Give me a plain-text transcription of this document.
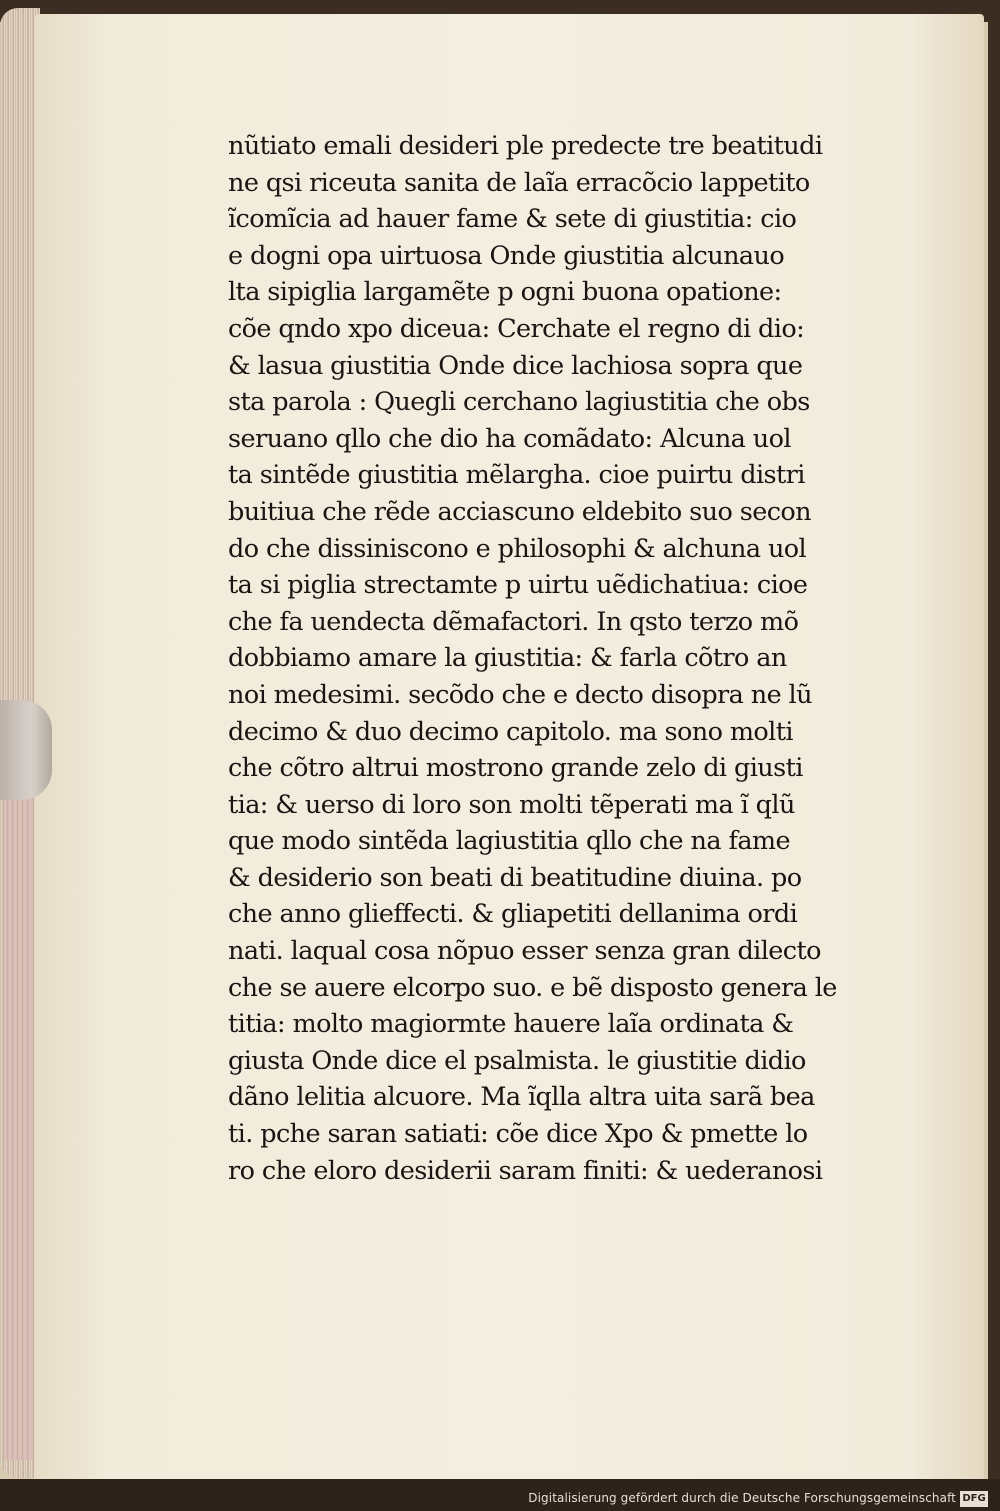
nũtiato emali desideri ple predecte tre beatitudi
ne qsi riceuta sanita de laĩa erracõcio lappetito
ĩcomĩcia ad hauer fame & sete di giustitia: cio
e dogni opa uirtuosa Onde giustitia alcunauo
lta sipiglia largamẽte p ogni buona opatione:
cõe qndo xpo diceua: Cerchate el regno di dio:
& lasua giustitia Onde dice lachiosa sopra que
sta parola : Quegli cerchano lagiustitia che obs
seruano qllo che dio ha comãdato: Alcuna uol
ta sintẽde giustitia mẽlargha. cioe puirtu distri
buitiua che rẽde acciascuno eldebito suo secon
do che dissiniscono e philosophi & alchuna uol
ta si piglia strectamte p uirtu uẽdichatiua: cioe
che fa uendecta dẽmafactori. In qsto terzo mõ
dobbiamo amare la giustitia: & farla cõtro an
noi medesimi. secõdo che e decto disopra ne lũ
decimo & duo decimo capitolo. ma sono molti
che cõtro altrui mostrono grande zelo di giusti
tia: & uerso di loro son molti tẽperati ma ĩ qlũ
que modo sintẽda lagiustitia qllo che na fame
& desiderio son beati di beatitudine diuina. po
che anno glieffecti. & gliapetiti dellanima ordi
nati. laqual cosa nõpuo esser senza gran dilecto
che se auere elcorpo suo. e bẽ disposto genera le
titia: molto magiormte hauere laĩa ordinata &
giusta Onde dice el psalmista. le giustitie didio
dãno lelitia alcuore. Ma ĩqlla altra uita sarã bea
ti. pche saran satiati: cõe dice Xpo & pmette lo
ro che eloro desiderii saram finiti: & uederanosi
Digitalisierung gefördert durch die Deutsche Forschungsgemeinschaft DFG
